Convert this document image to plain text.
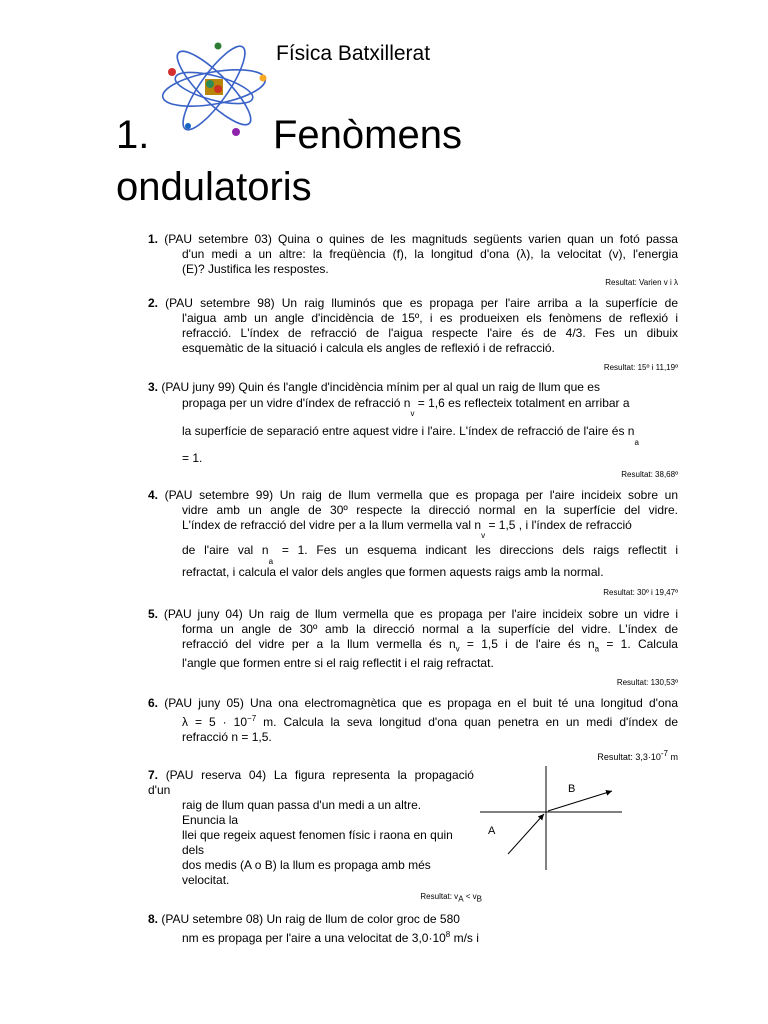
Física Batxillerat
1.	Fenòmens
ondulatoris
1. (PAU setembre 03) Quina o quines de les magnituds següents varien quan un fotó passa
d'un medi a un altre: la freqüència (f), la longitud d'ona (λ), la velocitat (v), l'energia
(E)? Justifica les respostes.
Resultat: Varien v i λ
2. (PAU setembre 98) Un raig lluminós que es propaga per l'aire arriba a la superfície de
l'aigua amb un angle d'incidència de 15º, i es produeixen els fenòmens de reflexió i
refracció. L'índex de refracció de l'aigua respecte l'aire és de 4/3. Fes un dibuix
esquemàtic de la situació i calcula els angles de reflexió i de refracció.
Resultat: 15º i 11,19º
3. (PAU juny 99) Quin és l'angle d'incidència mínim per al qual un raig de llum que es
propaga per un vidre d'índex de refracció $n_v = 1,6$ es reflecteix totalment en arribar a
la superfície de separació entre aquest vidre i l'aire. L'índex de refracció de l'aire és $n_a$
= 1.
Resultat: 38,68º
4. (PAU setembre 99) Un raig de llum vermella que es propaga per l'aire incideix sobre un
vidre amb un angle de 30º respecte la direcció normal en la superfície del vidre.
L'índex de refracció del vidre per a la llum vermella val $n_v = 1,5$ , i l'índex de refracció
de l'aire val $n_a = 1$. Fes un esquema indicant les direccions dels raigs reflectit i
refractat, i calcula el valor dels angles que formen aquests raigs amb la normal.
Resultat: 30º i 19,47º
5. (PAU juny 04) Un raig de llum vermella que es propaga per l'aire incideix sobre un vidre i
forma un angle de 30º amb la direcció normal a la superfície del vidre. L'índex de
refracció del vidre per a la llum vermella és $n_v = 1,5$ i de l'aire és $n_a = 1$. Calcula
l'angle que formen entre si el raig reflectit i el raig refractat.
Resultat: 130,53º
6. (PAU juny 05) Una ona electromagnètica que es propaga en el buit té una longitud d'ona
$\lambda = 5 \cdot 10^{-7}$ m. Calcula la seva longitud d'ona quan penetra en un medi d'índex de
refracció n = 1,5.
Resultat: $3,3\cdot 10^{-7}$ m
7. (PAU reserva 04) La figura representa la propagació
d'un
raig de llum quan passa d'un medi a un altre.
Enuncia la
llei que regeix aquest fenomen físic i raona en quin
dels
dos medis (A o B) la llum es propaga amb més
velocitat.
A
B
Resultat: $v_A < v_B$
8. (PAU setembre 08) Un raig de llum de color groc de 580
nm es propaga per l'aire a una velocitat de $3,0\cdot 10^8$ m/s i
